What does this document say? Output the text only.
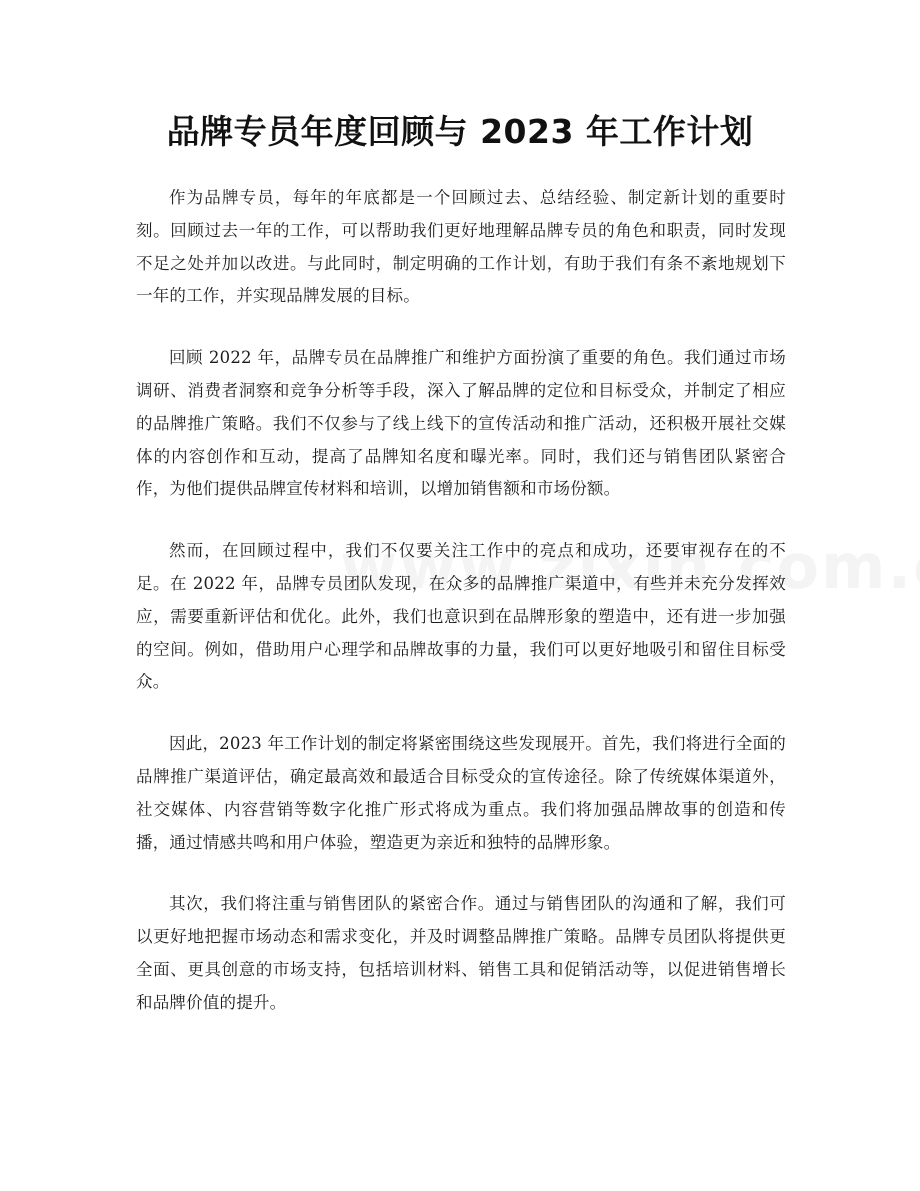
品牌专员年度回顾与 2023 年工作计划

作为品牌专员，每年的年底都是一个回顾过去、总结经验、制定新计划的重要时刻。回顾过去一年的工作，可以帮助我们更好地理解品牌专员的角色和职责，同时发现不足之处并加以改进。与此同时，制定明确的工作计划，有助于我们有条不紊地规划下一年的工作，并实现品牌发展的目标。

回顾 2022 年，品牌专员在品牌推广和维护方面扮演了重要的角色。我们通过市场调研、消费者洞察和竞争分析等手段，深入了解品牌的定位和目标受众，并制定了相应的品牌推广策略。我们不仅参与了线上线下的宣传活动和推广活动，还积极开展社交媒体的内容创作和互动，提高了品牌知名度和曝光率。同时，我们还与销售团队紧密合作，为他们提供品牌宣传材料和培训，以增加销售额和市场份额。

然而，在回顾过程中，我们不仅要关注工作中的亮点和成功，还要审视存在的不足。在 2022 年，品牌专员团队发现，在众多的品牌推广渠道中，有些并未充分发挥效应，需要重新评估和优化。此外，我们也意识到在品牌形象的塑造中，还有进一步加强的空间。例如，借助用户心理学和品牌故事的力量，我们可以更好地吸引和留住目标受众。

因此，2023 年工作计划的制定将紧密围绕这些发现展开。首先，我们将进行全面的品牌推广渠道评估，确定最高效和最适合目标受众的宣传途径。除了传统媒体渠道外，社交媒体、内容营销等数字化推广形式将成为重点。我们将加强品牌故事的创造和传播，通过情感共鸣和用户体验，塑造更为亲近和独特的品牌形象。

其次，我们将注重与销售团队的紧密合作。通过与销售团队的沟通和了解，我们可以更好地把握市场动态和需求变化，并及时调整品牌推广策略。品牌专员团队将提供更全面、更具创意的市场支持，包括培训材料、销售工具和促销活动等，以促进销售增长和品牌价值的提升。
